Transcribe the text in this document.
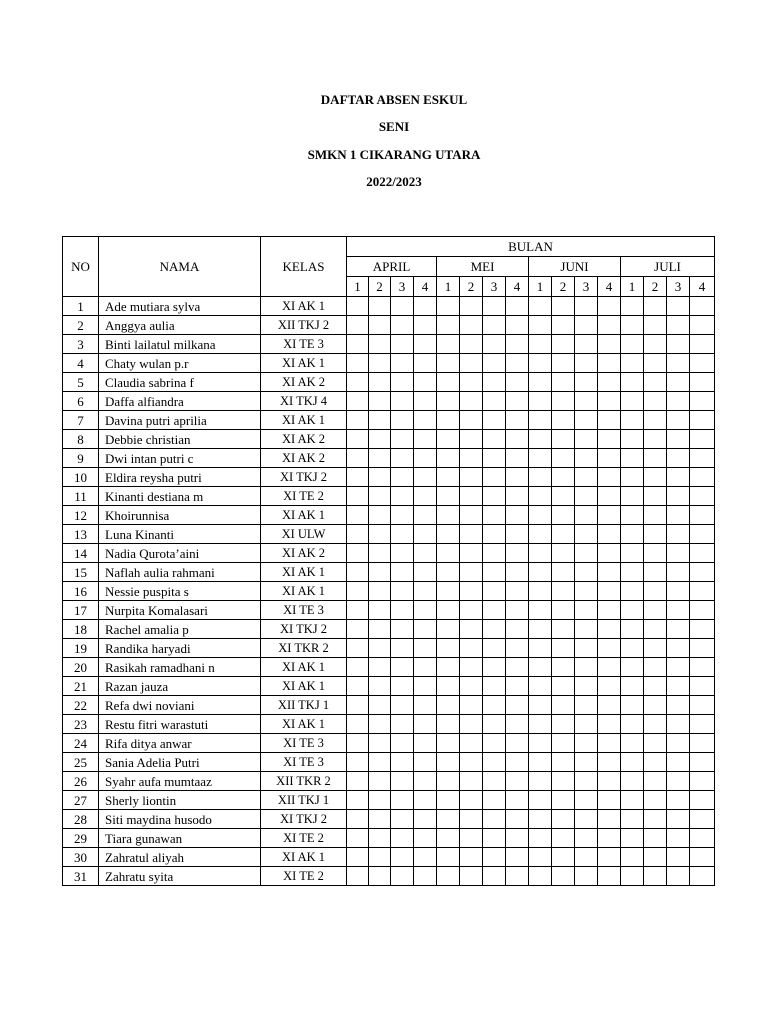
DAFTAR ABSEN ESKUL
SENI
SMKN 1 CIKARANG UTARA
2022/2023
NO	NAMA	KELAS	BULAN															
			APRIL				MEI				JUNI				JULI			
			1	2	3	4	1	2	3	4	1	2	3	4	1	2	3	4
1	Ade mutiara sylva	XI AK 1																
2	Anggya aulia	XII TKJ 2																
3	Binti lailatul milkana	XI TE 3																
4	Chaty wulan p.r	XI AK 1																
5	Claudia sabrina f	XI AK 2																
6	Daffa alfiandra	XI TKJ 4																
7	Davina putri aprilia	XI AK 1																
8	Debbie christian	XI AK 2																
9	Dwi intan putri c	XI AK 2																
10	Eldira reysha putri	XI TKJ 2																
11	Kinanti destiana m	XI TE 2																
12	Khoirunnisa	XI AK 1																
13	Luna Kinanti	XI ULW																
14	Nadia Qurota’aini	XI AK 2																
15	Naflah aulia rahmani	XI AK 1																
16	Nessie puspita s	XI AK 1																
17	Nurpita Komalasari	XI TE 3																
18	Rachel amalia p	XI TKJ 2																
19	Randika haryadi	XI TKR 2																
20	Rasikah ramadhani n	XI AK 1																
21	Razan jauza	XI AK 1																
22	Refa dwi noviani	XII TKJ 1																
23	Restu fitri warastuti	XI AK 1																
24	Rifa ditya anwar	XI TE 3																
25	Sania Adelia Putri	XI TE 3																
26	Syahr aufa mumtaaz	XII TKR 2																
27	Sherly liontin	XII TKJ 1																
28	Siti maydina husodo	XI TKJ 2																
29	Tiara gunawan	XI TE 2																
30	Zahratul aliyah	XI AK 1																
31	Zahratu syita	XI TE 2																
